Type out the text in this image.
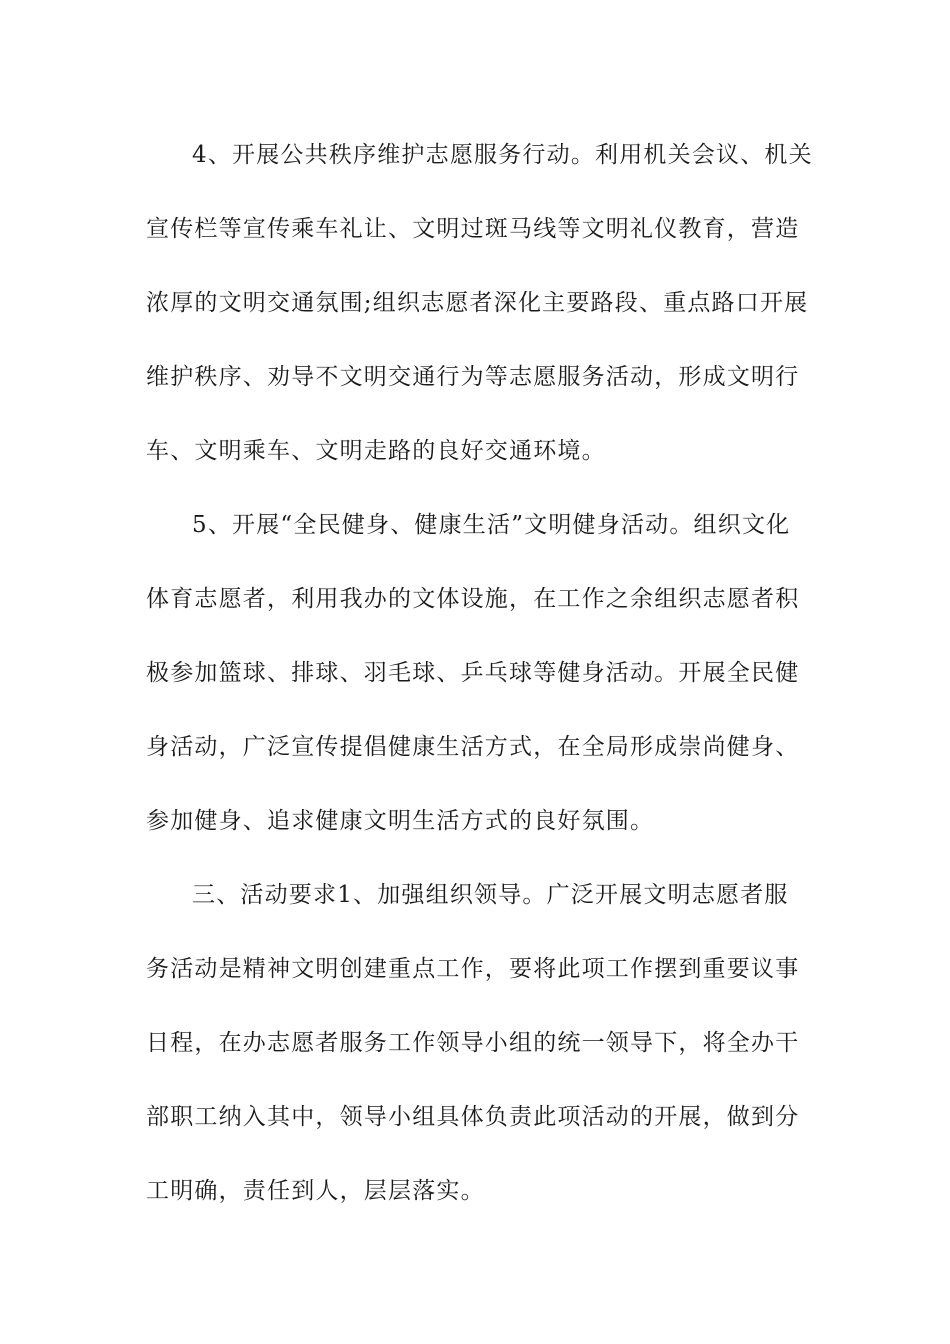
4、开展公共秩序维护志愿服务行动。利用机关会议、机关
宣传栏等宣传乘车礼让、文明过斑马线等文明礼仪教育，营造
浓厚的文明交通氛围;组织志愿者深化主要路段、重点路口开展
维护秩序、劝导不文明交通行为等志愿服务活动，形成文明行
车、文明乘车、文明走路的良好交通环境。
5、开展“全民健身、健康生活”文明健身活动。组织文化
体育志愿者，利用我办的文体设施，在工作之余组织志愿者积
极参加篮球、排球、羽毛球、乒乓球等健身活动。开展全民健
身活动，广泛宣传提倡健康生活方式，在全局形成崇尚健身、
参加健身、追求健康文明生活方式的良好氛围。
三、活动要求1、加强组织领导。广泛开展文明志愿者服
务活动是精神文明创建重点工作，要将此项工作摆到重要议事
日程，在办志愿者服务工作领导小组的统一领导下，将全办干
部职工纳入其中，领导小组具体负责此项活动的开展，做到分
工明确，责任到人，层层落实。
